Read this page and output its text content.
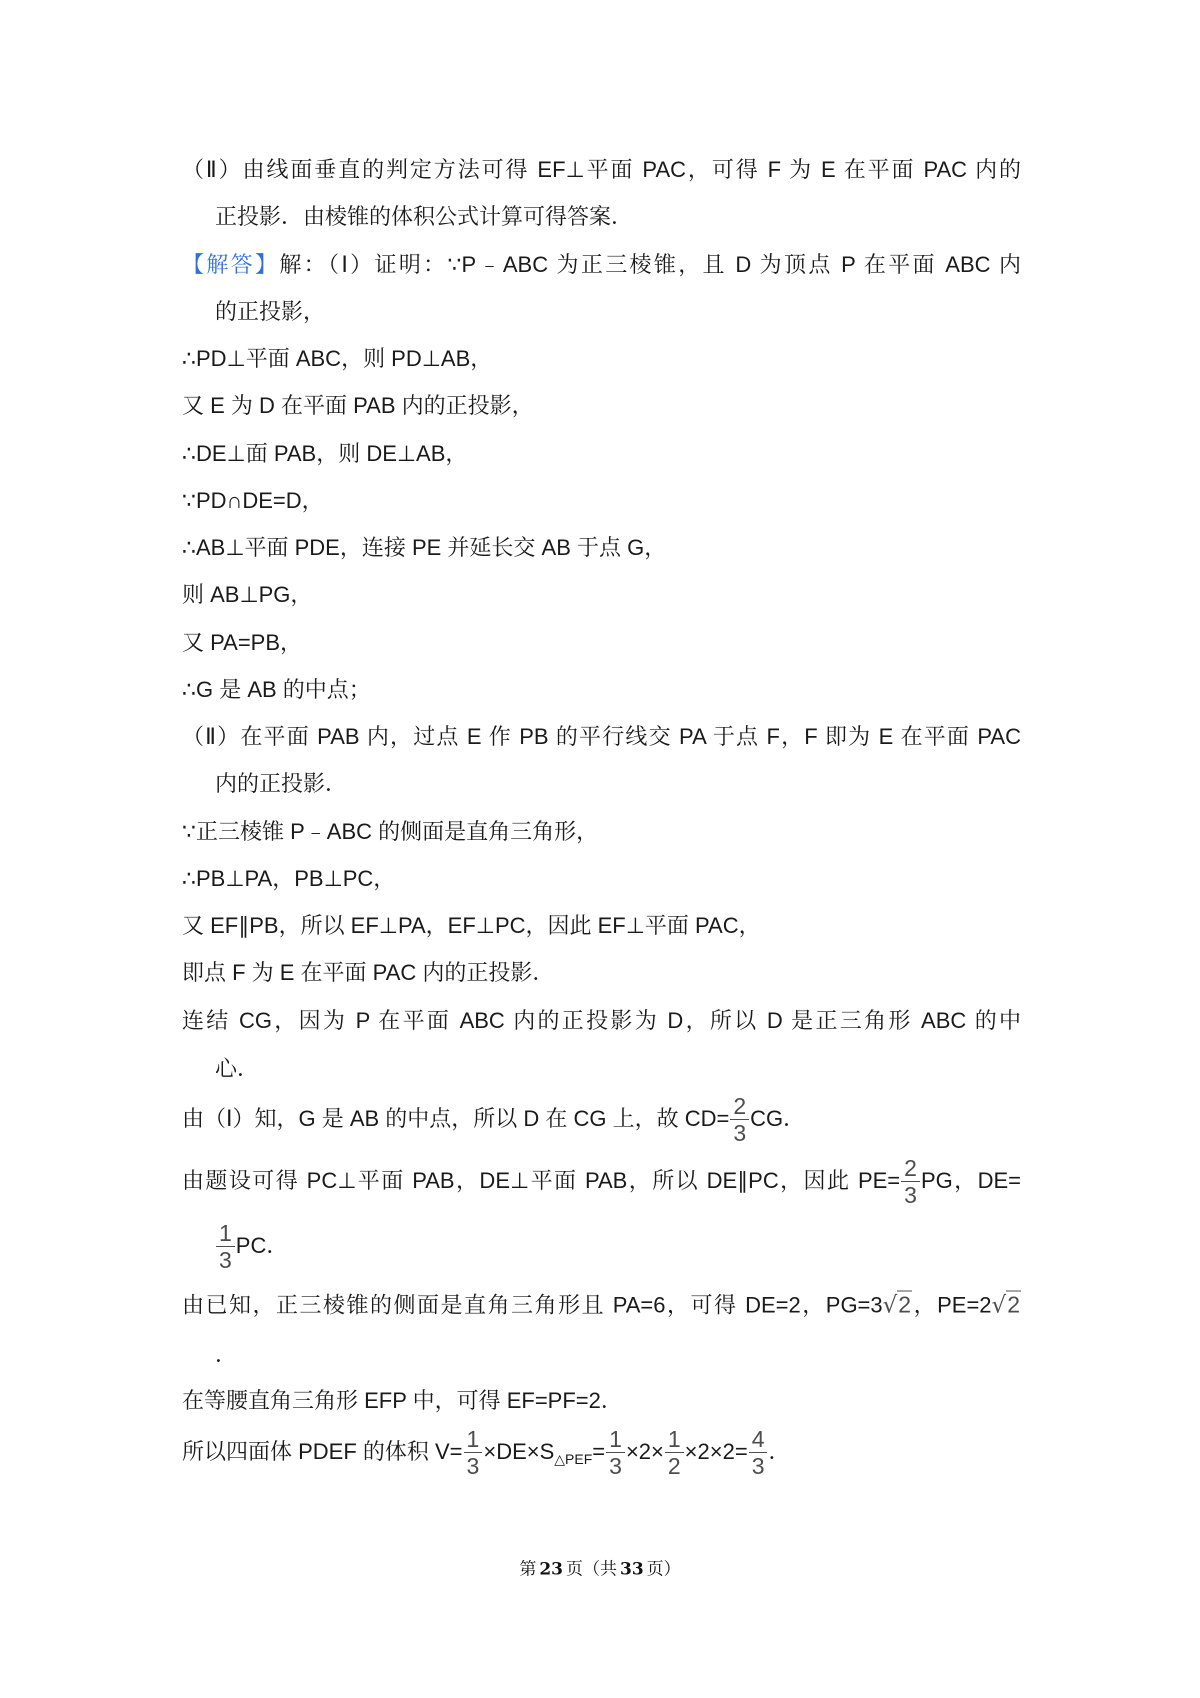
（Ⅱ）由线面垂直的判定方法可得 EF⊥平面 PAC，可得 F 为 E 在平面 PAC 内的
正投影．由棱锥的体积公式计算可得答案．
【解答】解：（Ⅰ）证明：∵P﹣ABC 为正三棱锥，且 D 为顶点 P 在平面 ABC 内
的正投影，
∴PD⊥平面 ABC，则 PD⊥AB，
又 E 为 D 在平面 PAB 内的正投影，
∴DE⊥面 PAB，则 DE⊥AB，
∵PD∩DE=D，
∴AB⊥平面 PDE，连接 PE 并延长交 AB 于点 G，
则 AB⊥PG，
又 PA=PB，
∴G 是 AB 的中点；
（Ⅱ）在平面 PAB 内，过点 E 作 PB 的平行线交 PA 于点 F，F 即为 E 在平面 PAC
内的正投影．
∵正三棱锥 P﹣ABC 的侧面是直角三角形，
∴PB⊥PA，PB⊥PC，
又 EF∥PB，所以 EF⊥PA，EF⊥PC，因此 EF⊥平面 PAC，
即点 F 为 E 在平面 PAC 内的正投影．
连结 CG，因为 P 在平面 ABC 内的正投影为 D，所以 D 是正三角形 ABC 的中
心．
由（Ⅰ）知，G 是 AB 的中点，所以 D 在 CG 上，故 $CD= \frac{2}{3}$ CG．
由题设可得 PC⊥平面 PAB，DE⊥平面 PAB，所以 DE∥PC，因此 $PE= \frac{2}{3}$ PG，DE=
$\frac{1}{3}$ PC．
由已知，正三棱锥的侧面是直角三角形且 PA=6，可得 DE=2，PG=3√2，PE=2√2
．
在等腰直角三角形 EFP 中，可得 EF=PF=2．
所以四面体 PDEF 的体积 $V= \frac{1}{3} \times DE\times S_{\triangle PEF}= \frac{1}{3} \times 2\times \frac{1}{2} \times 2\times 2= \frac{4}{3}$ ．
第 23 页（共 33 页）
